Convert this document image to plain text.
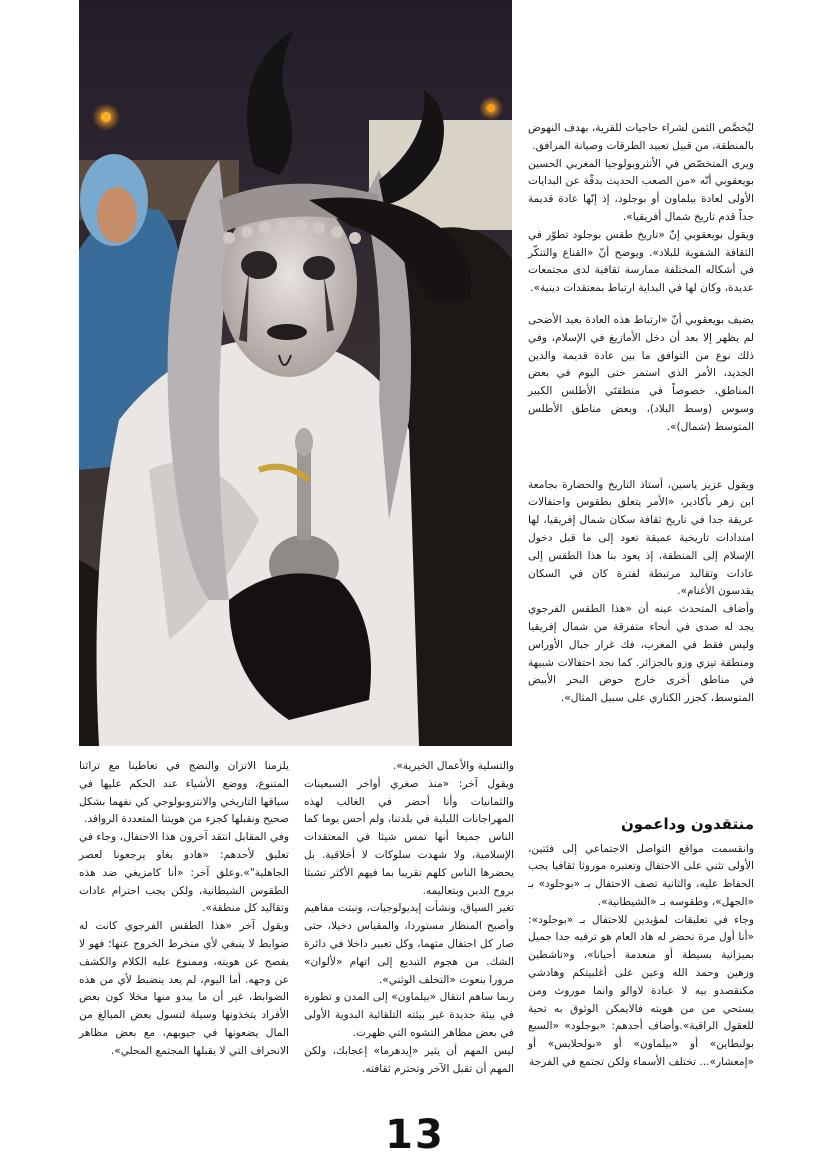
ليُخصَّص الثمن لشراء حاجيات للقرية، بهدف النهوض بالمنطقة، من قبيل تعبيد الطرقات وصيانة المرافق.

ويرى المتخصّص في الأنثروبولوجيا المغربي الحسين بويعقوبي أنّه «من الصعب الحديث بدقّة عن البدايات الأولى لعادة بيلماون أو بوجلود، إذ إنّها عادة قديمة جداً قدم تاريخ شمال أفريقيا».

ويقول بويعقوبي إنّ «تاريخ طقس بوجلود تطوّر في الثقافة الشفوية للبلاد». ويوضح أنّ «القناع والتنكّر في أشكاله المختلفة ممارسة ثقافية لدى مجتمعات عديدة، وكان لها في البداية ارتباط بمعتقدات دينية».

يضيف بويعقوبي أنّ «ارتباط هذه العادة بعيد الأضحى لم يظهر إلا بعد أن دخل الأمازيغ في الإسلام، وفي ذلك نوع من التوافق ما بين عادة قديمة والدين الجديد، الأمر الذي استمر حتى اليوم في بعض المناطق، خصوصاً في منطقتَي الأطلس الكبير وسوس (وسط البلاد)، وبعض مناطق الأطلس المتوسط (شمال)».

ويقول عزيز ياسين، أستاذ التاريخ والحضارة بجامعة ابن زهر بأكادير، «الأمر يتعلق بطقوس واحتفالات عريقة جدا في تاريخ ثقافة سكان شمال إفريقيا، لها امتدادات تاريخية عميقة تعود إلى ما قبل دخول الإسلام إلى المنطقة، إذ يعود بنا هذا الطقس إلى عادات وتقاليد مرتبطة لفترة كان في السكان يقدسون الأغنام».

وأضاف المتحدث عينه أن «هذا الطقس الفرجوي يجد له صدى في أنحاء متفرقة من شمال إفريقيا وليس فقط في المغرب، فك غرار جبال الأوراس ومنطقة تيزي وزو بالجزائر. كما نجد احتفالات شبيهة في مناطق أخرى خارج حوض البحر الأبيض المتوسط، كجزر الكناري على سبيل المثال».

منتقدون وداعمون

وانقسمت مواقع التواصل الاجتماعي إلى فئتين، الأولى تثني على الاحتفال وتعتبره موروثا ثقافيا يجب الحفاظ عليه، والثانية تصف الاحتفال بـ «بوجلود» بـ «الجهل»، وطقوسه بـ «الشيطانية».

وجاء في تعليقات لمؤيدين للاحتفال بـ «بوجلود»: «أنا أول مرة نحضر له هاد العام هو ترفيه جدا جميل بميزانية بسيطة أو منعدمة أحيانا»، و«ناشطين وزهين وحمد الله وعين على أغلبيتكم وهادشي مكنقصدو بيه لا عبادة لاوالو وانما موروث ومن يستحي من من هويته فالايمكن الوثوق به تحية للعقول الراقية».وأضاف أحدهم: «بوجلود» «السبع بولبطاين» أو «بيلماون» أو «بولحلايس» أو «إمعشار»... تختلف الأسماء ولكن تجتمع في الفرجة

والتسلية والأعمال الخيرية».

ويقول آخر: «منذ صغري أواخر السبعينات والثمانيات وأنا أحضر في الغالب لهذه المهراجانات الليلية في بلدتنا، ولم أحس يوما كما الناس جميعا أنها تمس شيئا في المعتقدات الإسلامية، ولا شهدت سلوكات لا أخلاقية. بل يحضرها الناس كلهم تقريبا بما فيهم الأكثر تشبثا بروح الدين وبتعاليمه.

تغير السياق، ونشأت إيديولوجيات، ونبتت مفاهيم وأصبح المنظار مستوردا، والمقياس دخيلا، حتى صار كل احتفال متهما، وكل تعبير داخلا في دائرة الشك. من هجوم التبديع إلى اتهام «لألوان» مرورا بنعوت «التخلف الوثني».

ربما ساهم انتقال «بيلماون» إلى المدن و تطوره في بيئة جديدة غير بيئته التلقائية البدوية الأولى في بعض مظاهر التشوه التي ظهرت.

ليس المهم أن يثير «إيدهرما» إعجابك، ولكن المهم أن تقبل الآخر وتحترم ثقافته.

يلزمنا الاتزان والنضج في تعاطينا مع تراثنا المتنوع، ووضع الأشياء عند الحكم عليها في سياقها التاريخي والانتروبولوجي كي نفهما بشكل صحيح ونقبلها كجزء من هويتنا المتعددة الروافد.

وفي المقابل انتقد آخرون هذا الاحتفال، وجاء في تعليق لأحدهم: «هادو بغاو يرجعونا لعصر الجاهلية"».وعلق آخر: «أنا كامزيغي ضد هذه الطقوس الشيطانية، ولكن يجب احترام عادات وتقاليد كل منطقة».

ويقول آخر «هذا الطقس الفرجوي كانت له ضوابط لا ينبغي لأي منخرط الخروج عنها؛ فهو لا يفصح عن هويته، وممنوع عليه الكلام والكشف عن وجهه. أما اليوم، لم يعد ينضبط لأي من هذه الضوابط، غير أن ما يبدو منها مخلا كون بعض الأفراد يتخذونها وسيلة لتسول بعض المبالغ من المال يضعونها في جيوبهم، مع بعض مظاهر الانحراف التي لا يقبلها المجتمع المحلي».

13
